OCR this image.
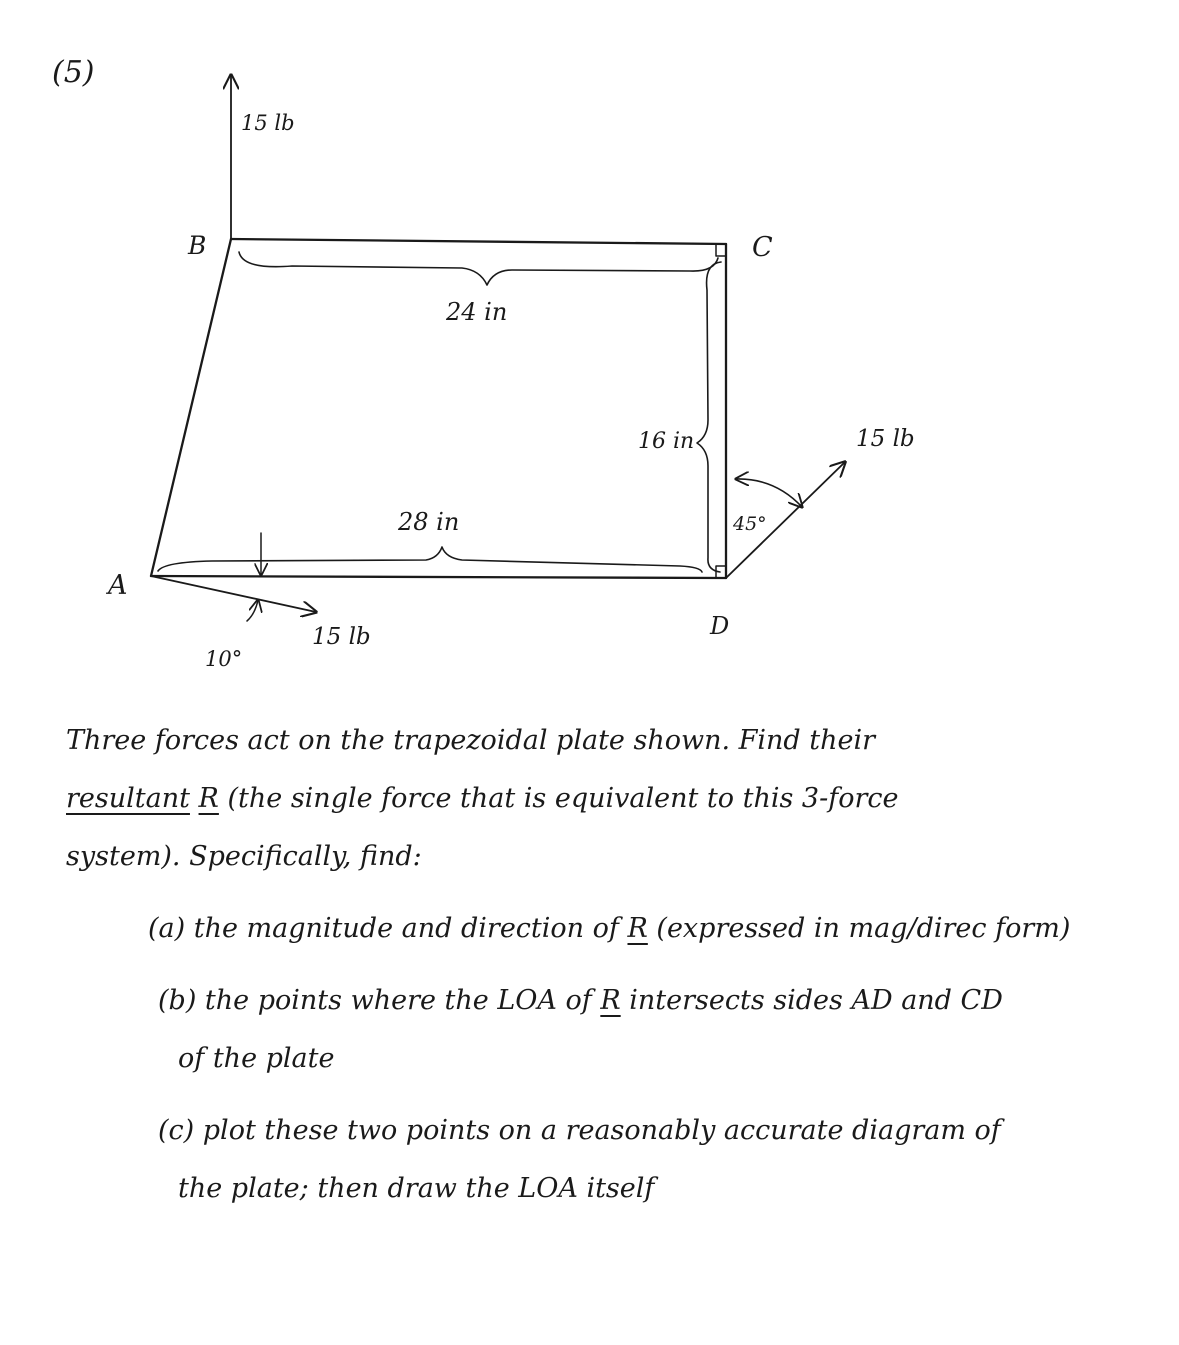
(5)
B	C
A
D
24 in
28 in
16 in
15 lb
15 lb
45°
15 lb
10°
Three forces act on the trapezoidal plate shown. Find their
resultant R (the single force that is equivalent to this 3-force
system). Specifically, find:
(a) the magnitude and direction of R (expressed in mag/direc form)
(b) the points where the LOA of R intersects sides AD and CD
of the plate
(c) plot these two points on a reasonably accurate diagram of
the plate; then draw the LOA itself
